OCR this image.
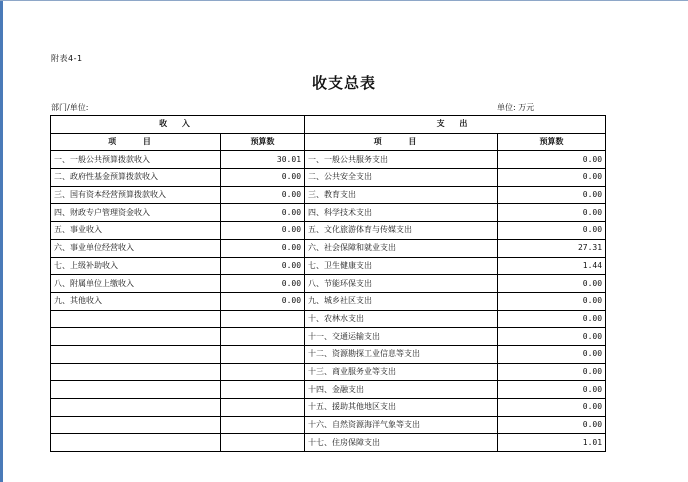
附表4-1
收支总表
部门/单位:	单位: 万元
收 入		支 出	
项 目	预算数	项 目	预算数
一、一般公共预算拨款收入	30.01	一、一般公共服务支出	0.00
二、政府性基金预算拨款收入	0.00	二、公共安全支出	0.00
三、国有资本经营预算拨款收入	0.00	三、教育支出	0.00
四、财政专户管理资金收入	0.00	四、科学技术支出	0.00
五、事业收入	0.00	五、文化旅游体育与传媒支出	0.00
六、事业单位经营收入	0.00	六、社会保障和就业支出	27.31
七、上级补助收入	0.00	七、卫生健康支出	1.44
八、附属单位上缴收入	0.00	八、节能环保支出	0.00
九、其他收入	0.00	九、城乡社区支出	0.00
		十、农林水支出	0.00
		十一、交通运输支出	0.00
		十二、资源勘探工业信息等支出	0.00
		十三、商业服务业等支出	0.00
		十四、金融支出	0.00
		十五、援助其他地区支出	0.00
		十六、自然资源海洋气象等支出	0.00
		十七、住房保障支出	1.01
